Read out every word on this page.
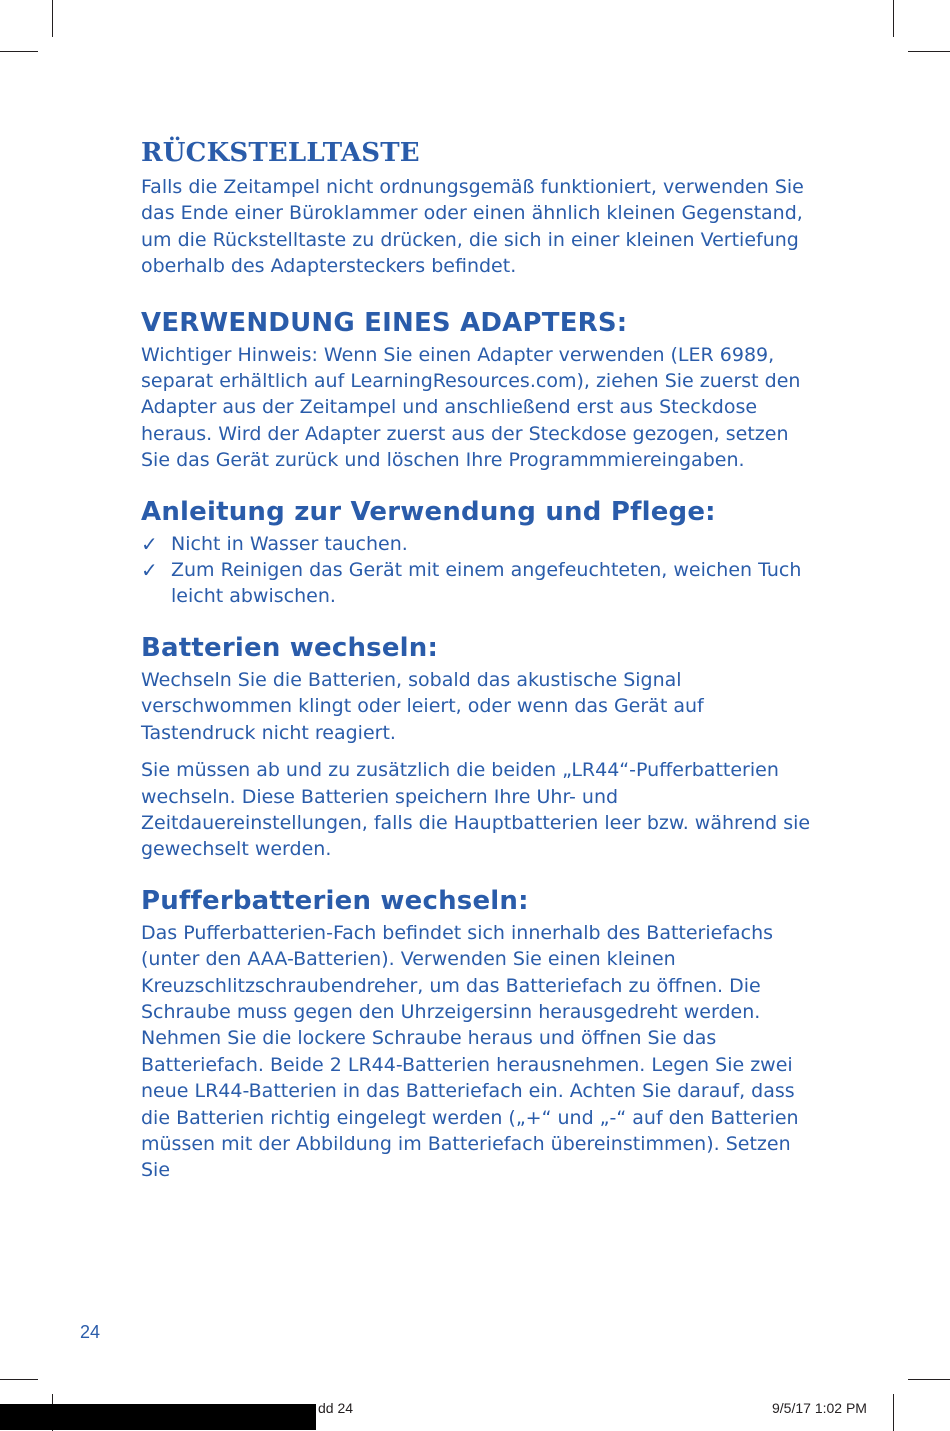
RÜCKSTELLTASTE

Falls die Zeitampel nicht ordnungsgemäß funktioniert, verwenden Sie das Ende einer Büroklammer oder einen ähnlich kleinen Gegenstand, um die Rückstelltaste zu drücken, die sich in einer kleinen Vertiefung oberhalb des Adaptersteckers befindet.

VERWENDUNG EINES ADAPTERS:

Wichtiger Hinweis: Wenn Sie einen Adapter verwenden (LER 6989, separat erhältlich auf LearningResources.com), ziehen Sie zuerst den Adapter aus der Zeitampel und anschließend erst aus Steckdose heraus. Wird der Adapter zuerst aus der Steckdose gezogen, setzen Sie das Gerät zurück und löschen Ihre Programmmiereingaben.

Anleitung zur Verwendung und Pflege:
✓ Nicht in Wasser tauchen.
✓ Zum Reinigen das Gerät mit einem angefeuchteten, weichen Tuch leicht abwischen.
Batterien wechseln:

Wechseln Sie die Batterien, sobald das akustische Signal verschwommen klingt oder leiert, oder wenn das Gerät auf Tastendruck nicht reagiert.

Sie müssen ab und zu zusätzlich die beiden „LR44“-Pufferbatterien wechseln. Diese Batterien speichern Ihre Uhr- und Zeitdauereinstellungen, falls die Hauptbatterien leer bzw. während sie gewechselt werden.

Pufferbatterien wechseln:

Das Pufferbatterien-Fach befindet sich innerhalb des Batteriefachs (unter den AAA-Batterien). Verwenden Sie einen kleinen Kreuzschlitzschraubendreher, um das Batteriefach zu öffnen. Die Schraube muss gegen den Uhrzeigersinn herausgedreht werden. Nehmen Sie die lockere Schraube heraus und öffnen Sie das Batteriefach. Beide 2 LR44-Batterien herausnehmen. Legen Sie zwei neue LR44-Batterien in das Batteriefach ein. Achten Sie darauf, dass die Batterien richtig eingelegt werden („+“ und „-“ auf den Batterien müssen mit der Abbildung im Batteriefach übereinstimmen). Setzen Sie

24
dd 24	9/5/17 1:02 PM
